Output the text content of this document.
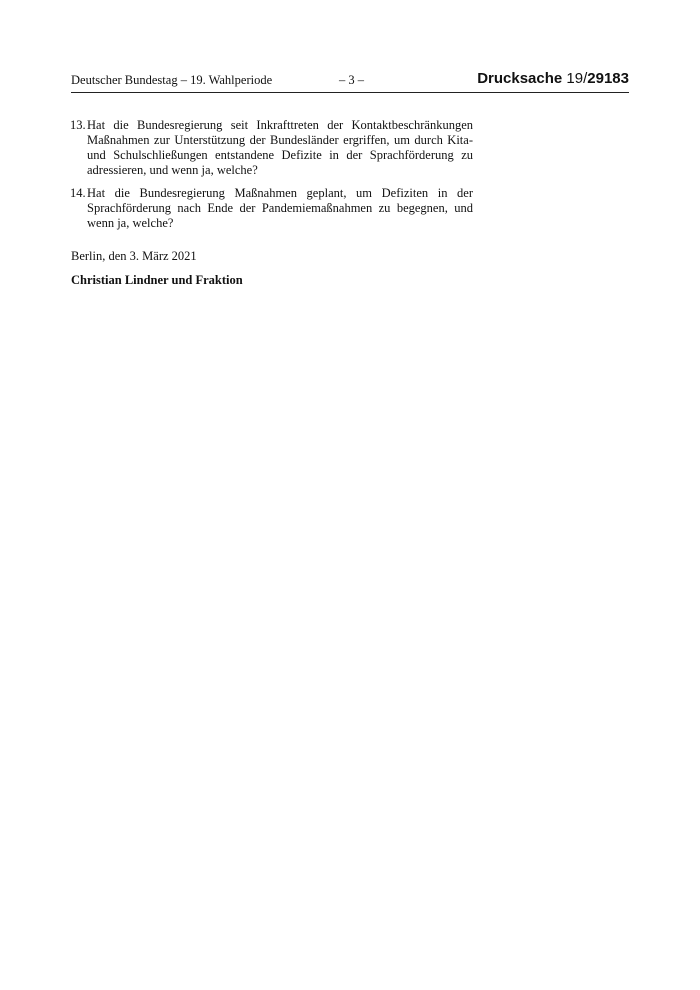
Deutscher Bundestag – 19. Wahlperiode	– 3 –	Drucksache 19/29183
13. Hat die Bundesregierung seit Inkrafttreten der Kontaktbeschränkungen Maßnahmen zur Unterstützung der Bundesländer ergriffen, um durch Kita- und Schulschließungen entstandene Defizite in der Sprachförderung zu adressieren, und wenn ja, welche?
14. Hat die Bundesregierung Maßnahmen geplant, um Defiziten in der Sprachförderung nach Ende der Pandemiemaßnahmen zu begegnen, und wenn ja, welche?
Berlin, den 3. März 2021
Christian Lindner und Fraktion
